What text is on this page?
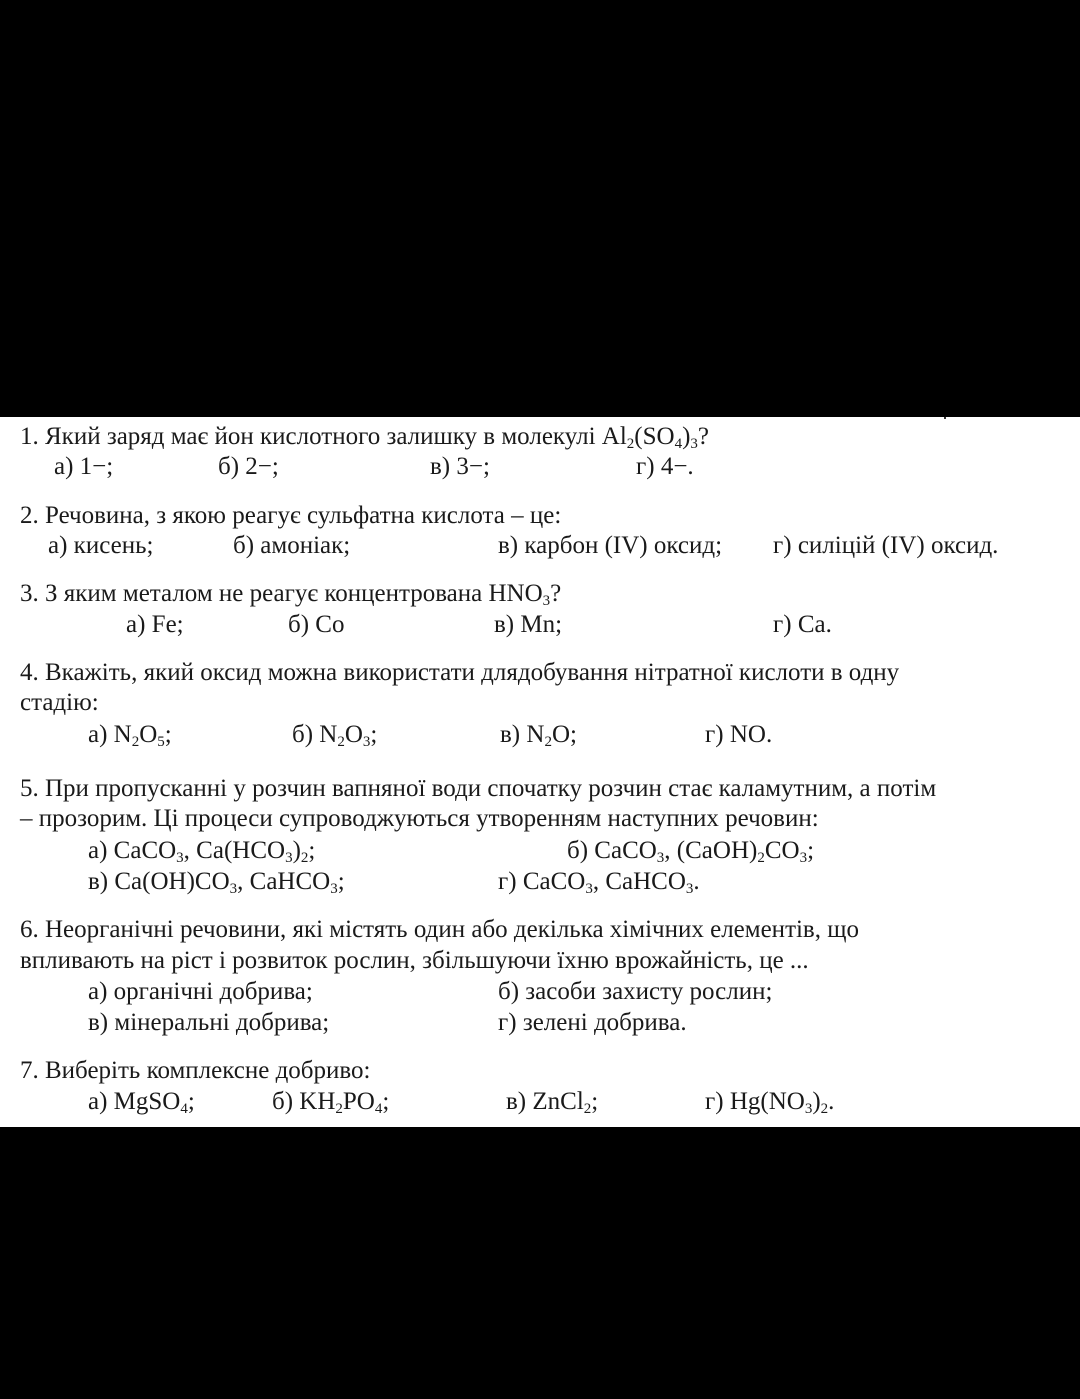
1. Який заряд має йон кислотного залишку в молекулі $Al_2(SO_4)_3$?
а) 1−;	б) 2−;	в) 3−;	г) 4−.
2. Речовина, з якою реагує сульфатна кислота – це:
а) кисень;	б) амоніак;	в) карбон (IV) оксид; г) силіцій (IV) оксид.
3. З яким металом не реагує концентрована $HNO_3$?
а) Fe;	б) Co	в) Mn;	г) Ca.
4. Вкажіть, який оксид можна використати длядобування нітратної кислоти в одну
стадію:
а) $N_2O_5$;	б) $N_2O_3$;	в) $N_2O$;	г) NO.
5. При пропусканні у розчин вапняної води спочатку розчин стає каламутним, а потім
– прозорим. Ці процеси супроводжуються утворенням наступних речовин:
а) CaCO$_3$, $Ca(HCO_3)_2$;	б) CaCO$_3$, $(CaOH)_2CO_3$;
в) $Ca(OH)CO_3$, CaHCO$_3$;	г) CaCO$_3$, CaHCO$_3$.
6. Неорганічні речовини, які містять один або декілька хімічних елементів, що
впливають на ріст і розвиток рослин, збільшуючи їхню врожайність, це ...
а) органічні добрива;	б) засоби захисту рослин;
в) мінеральні добрива;	г) зелені добрива.
7. Виберіть комплексне добриво:
а) MgSO$_4$;	б) $KH_2PO_4$;	в) ZnCl$_2$;	г) $Hg(NO_3)_2$.
